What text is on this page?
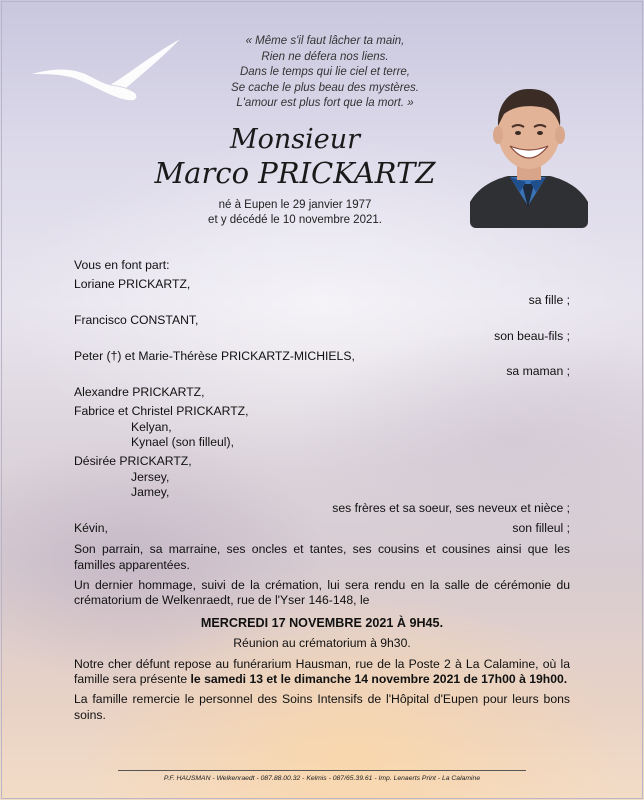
« Même s'il faut lâcher ta main,
Rien ne défera nos liens.
Dans le temps qui lie ciel et terre,
Se cache le plus beau des mystères.
L'amour est plus fort que la mort. »
Monsieur
Marco PRICKARTZ
né à Eupen le 29 janvier 1977
et y décédé le 10 novembre 2021.
Vous en font part:
Loriane PRICKARTZ,
sa fille ;
Francisco CONSTANT,
son beau-fils ;
Peter (†) et Marie-Thérèse PRICKARTZ-MICHIELS,
sa maman ;
Alexandre PRICKARTZ,
Fabrice et Christel PRICKARTZ,
Kelyan,
Kynael (son filleul),
Désirée PRICKARTZ,
Jersey,
Jamey,
ses frères et sa soeur, ses neveux et nièce ;
Kévin,	son filleul ;
Son parrain, sa marraine, ses oncles et tantes, ses cousins et cousines ainsi que les familles apparentées.
Un dernier hommage, suivi de la crémation, lui sera rendu en la salle de cérémonie du crématorium de Welkenraedt, rue de l'Yser 146-148, le
MERCREDI 17 NOVEMBRE 2021 À 9H45.
Réunion au crématorium à 9h30.
Notre cher défunt repose au funérarium Hausman, rue de la Poste 2 à La Calamine, où la famille sera présente le samedi 13 et le dimanche 14 novembre 2021 de 17h00 à 19h00.
La famille remercie le personnel des Soins Intensifs de l'Hôpital d'Eupen pour leurs bons soins.
P.F. HAUSMAN - Welkenraedt - 087.88.00.32 - Kelmis - 087/65.39.61 - Imp. Lenaerts Print - La Calamine
